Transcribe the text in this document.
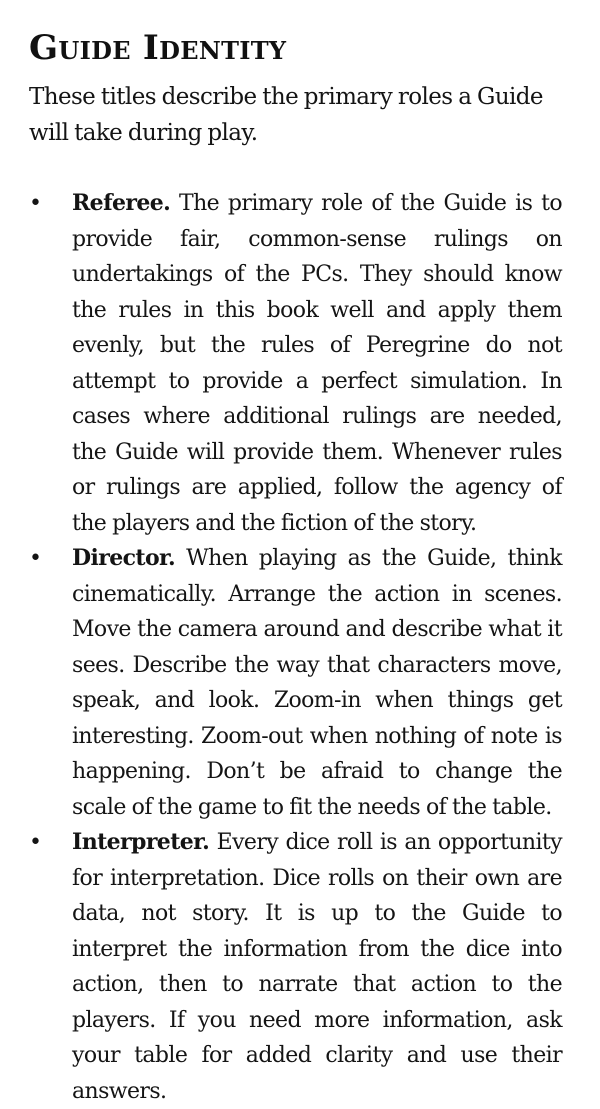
Guide Identity

These titles describe the primary roles a Guide will take during play.

•	Referee. The primary role of the Guide is to provide fair, common-sense rulings on undertakings of the PCs. They should know the rules in this book well and apply them evenly, but the rules of Peregrine do not attempt to provide a perfect simulation. In cases where additional rulings are needed, the Guide will provide them. Whenever rules or rulings are applied, follow the agency of the players and the fiction of the story.
•	Director. When playing as the Guide, think cinematically. Arrange the action in scenes. Move the camera around and describe what it sees. Describe the way that characters move, speak, and look. Zoom-in when things get interesting. Zoom-out when nothing of note is happening. Don’t be afraid to change the scale of the game to fit the needs of the table.
•	Interpreter. Every dice roll is an opportunity for interpretation. Dice rolls on their own are data, not story. It is up to the Guide to interpret the information from the dice into action, then to narrate that action to the players. If you need more information, ask your table for added clarity and use their answers.
